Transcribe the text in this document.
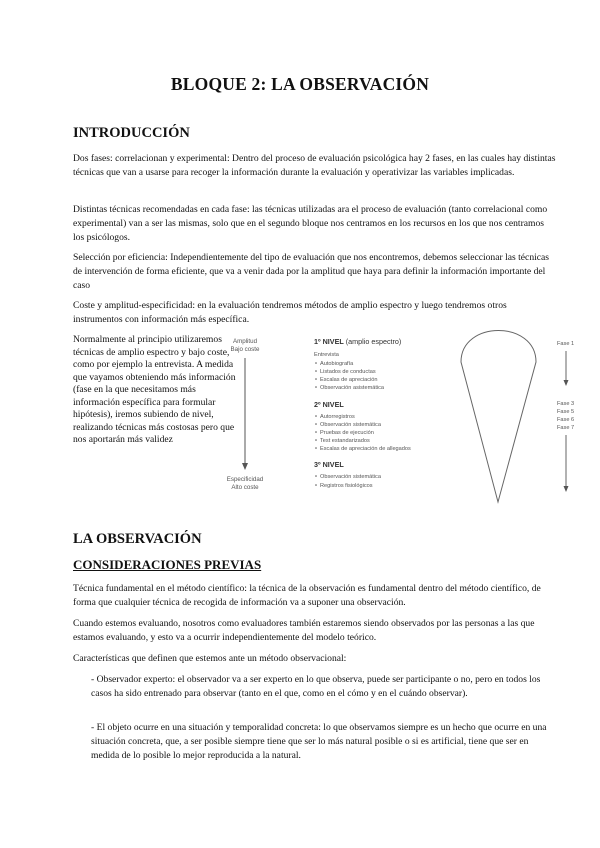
BLOQUE 2: LA OBSERVACIÓN
INTRODUCCIÓN

Dos fases: correlacionan y experimental: Dentro del proceso de evaluación psicológica hay 2 fases, en las cuales hay distintas técnicas que van a usarse para recoger la información durante la evaluación y operativizar las variables implicadas.

Distintas técnicas recomendadas en cada fase: las técnicas utilizadas ara el proceso de evaluación (tanto correlacional como experimental) van a ser las mismas, solo que en el segundo bloque nos centramos en los recursos en los que nos centramos los psicólogos.

Selección por eficiencia: Independientemente del tipo de evaluación que nos encontremos, debemos seleccionar las técnicas de intervención de forma eficiente, que va a venir dada por la amplitud que haya para definir la información importante del caso

Coste y amplitud-especificidad: en la evaluación tendremos métodos de amplio espectro y luego tendremos otros instrumentos con información más específica.

Normalmente al principio utilizaremos técnicas de amplio espectro y bajo coste, como por ejemplo la entrevista. A medida que vayamos obteniendo más información (fase en la que necesitamos más información específica para formular hipótesis), iremos subiendo de nivel, realizando técnicas más costosas pero que nos aportarán más validez

Amplitud
Bajo coste
Especificidad
Alto coste
1º NIVEL (amplio espectro)
Entrevista
Autobiografía
Listados de conductas
Escalas de apreciación
Observación asistemática
2º NIVEL
Autorregistros
Observación sistemática
Pruebas de ejecución
Test estandarizados
Escalas de apreciación de allegados
3º NIVEL
Observación sistemática
Registros fisiológicos
Fase 1
Fase 3
Fase 5
Fase 6
Fase 7
LA OBSERVACIÓN
CONSIDERACIONES PREVIAS

Técnica fundamental en el método científico: la técnica de la observación es fundamental dentro del método científico, de forma que cualquier técnica de recogida de información va a suponer una observación.

Cuando estemos evaluando, nosotros como evaluadores también estaremos siendo observados por las personas a las que estamos evaluando, y esto va a ocurrir independientemente del modelo teórico.

Características que definen que estemos ante un método observacional:

- Observador experto: el observador va a ser experto en lo que observa, puede ser participante o no, pero en todos los casos ha sido entrenado para observar (tanto en el que, como en el cómo y en el cuándo observar).

- El objeto ocurre en una situación y temporalidad concreta: lo que observamos siempre es un hecho que ocurre en una situación concreta, que, a ser posible siempre tiene que ser lo más natural posible o si es artificial, tiene que ser en medida de lo posible lo mejor reproducida a la natural.
